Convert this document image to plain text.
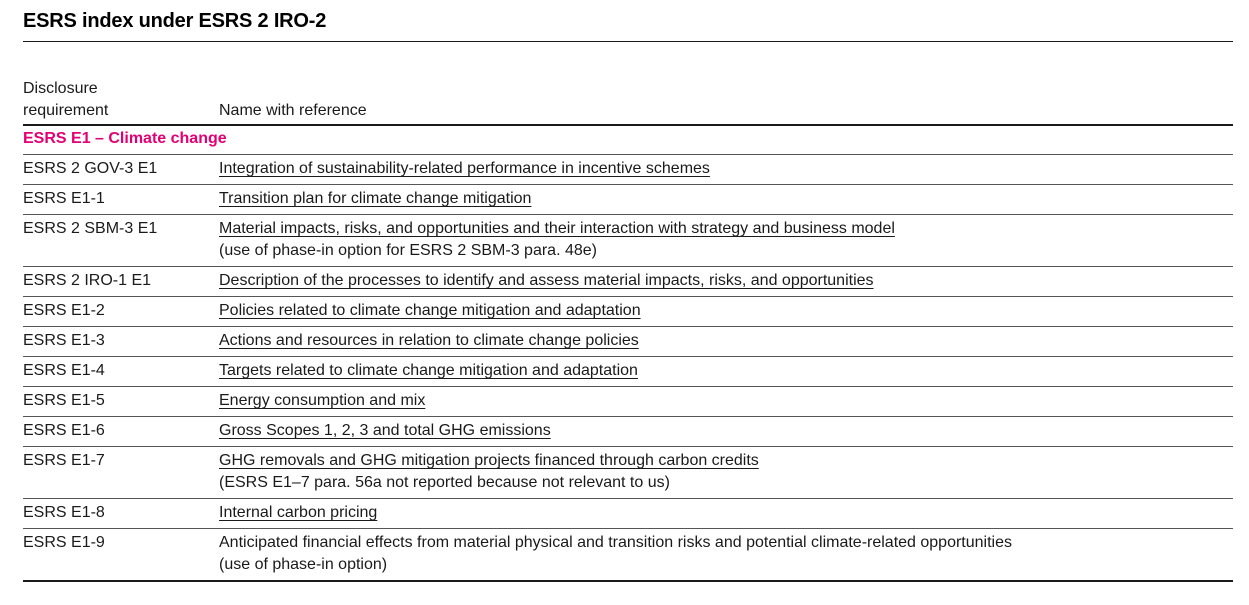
ESRS index under ESRS 2 IRO-2
Disclosure requirement	Name with reference
ESRS E1 – Climate change	
ESRS 2 GOV-3 E1	Integration of sustainability-related performance in incentive schemes
ESRS E1-1	Transition plan for climate change mitigation
ESRS 2 SBM-3 E1	Material impacts, risks, and opportunities and their interaction with strategy and business model
(use of phase-in option for ESRS 2 SBM-3 para. 48e)

ESRS 2 IRO-1 E1	Description of the processes to identify and assess material impacts, risks, and opportunities
ESRS E1-2	Policies related to climate change mitigation and adaptation
ESRS E1-3	Actions and resources in relation to climate change policies
ESRS E1-4	Targets related to climate change mitigation and adaptation
ESRS E1-5	Energy consumption and mix
ESRS E1-6	Gross Scopes 1, 2, 3 and total GHG emissions
ESRS E1-7	GHG removals and GHG mitigation projects financed through carbon credits
(ESRS E1–7 para. 56a not reported because not relevant to us)

ESRS E1-8	Internal carbon pricing
ESRS E1-9	Anticipated financial effects from material physical and transition risks and potential climate-related opportunities
(use of phase-in option)
